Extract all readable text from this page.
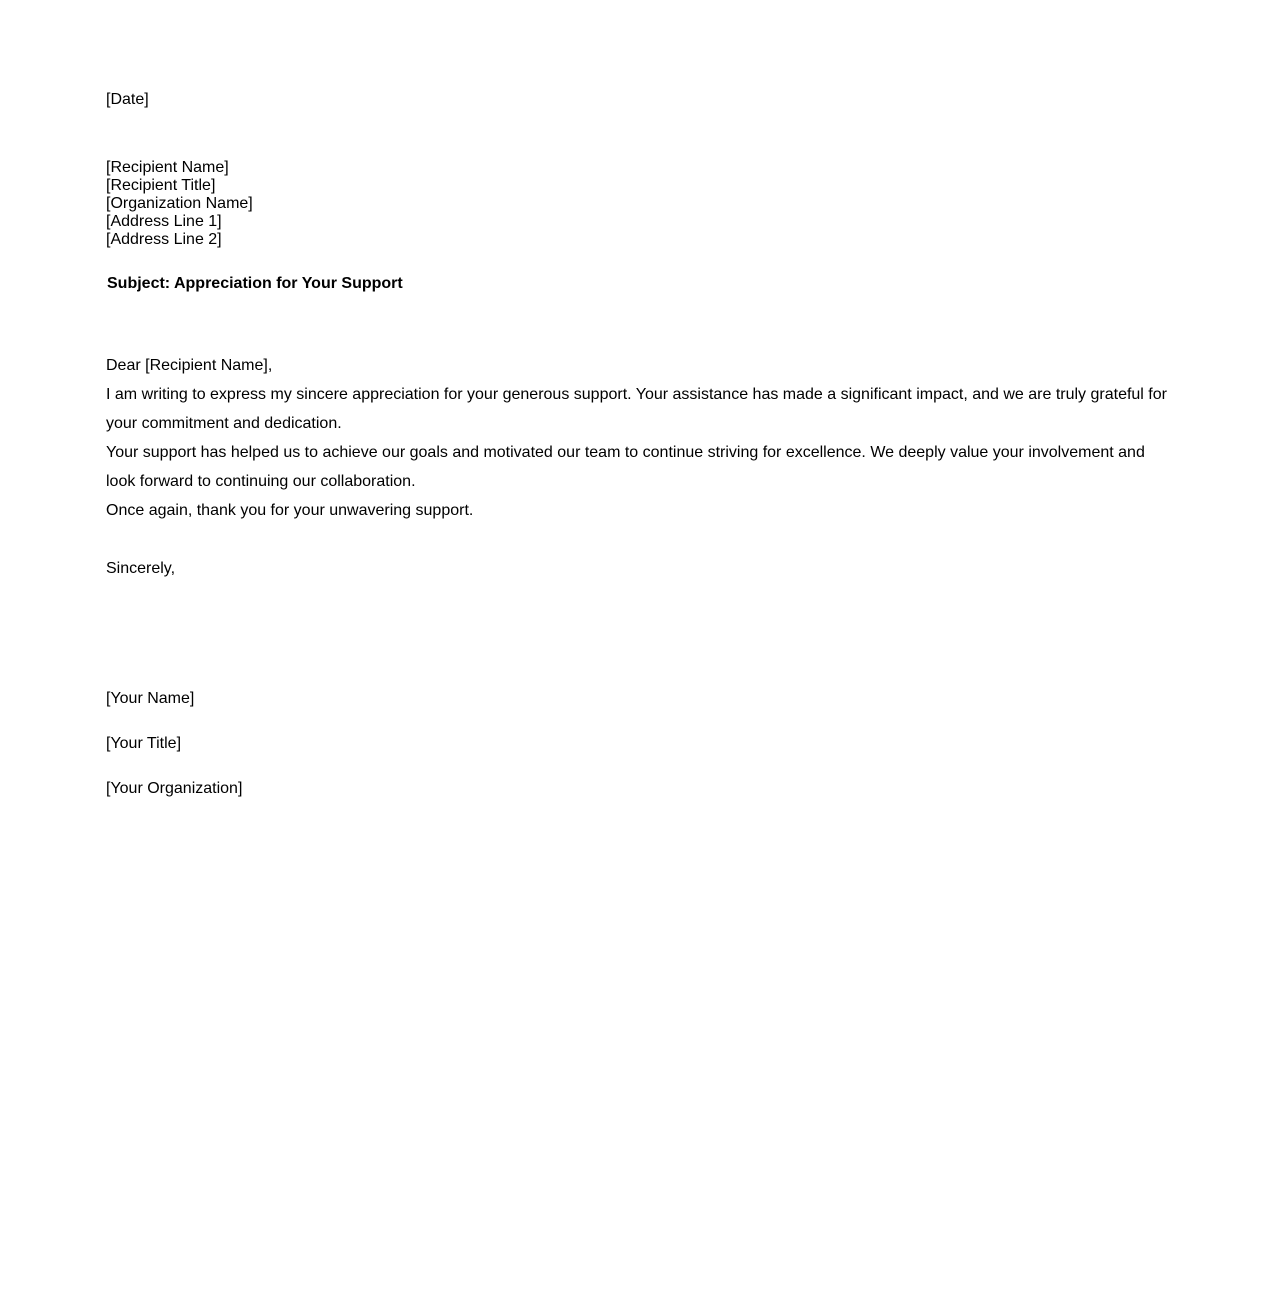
[Date]
[Recipient Name]
[Recipient Title]
[Organization Name]
[Address Line 1]
[Address Line 2]
Subject: Appreciation for Your Support

Dear [Recipient Name],

I am writing to express my sincere appreciation for your generous support. Your assistance has made a significant impact, and we are truly grateful for your commitment and dedication.

Your support has helped us to achieve our goals and motivated our team to continue striving for excellence. We deeply value your involvement and look forward to continuing our collaboration.

Once again, thank you for your unwavering support.

Sincerely,
[Your Name]
[Your Title]
[Your Organization]
